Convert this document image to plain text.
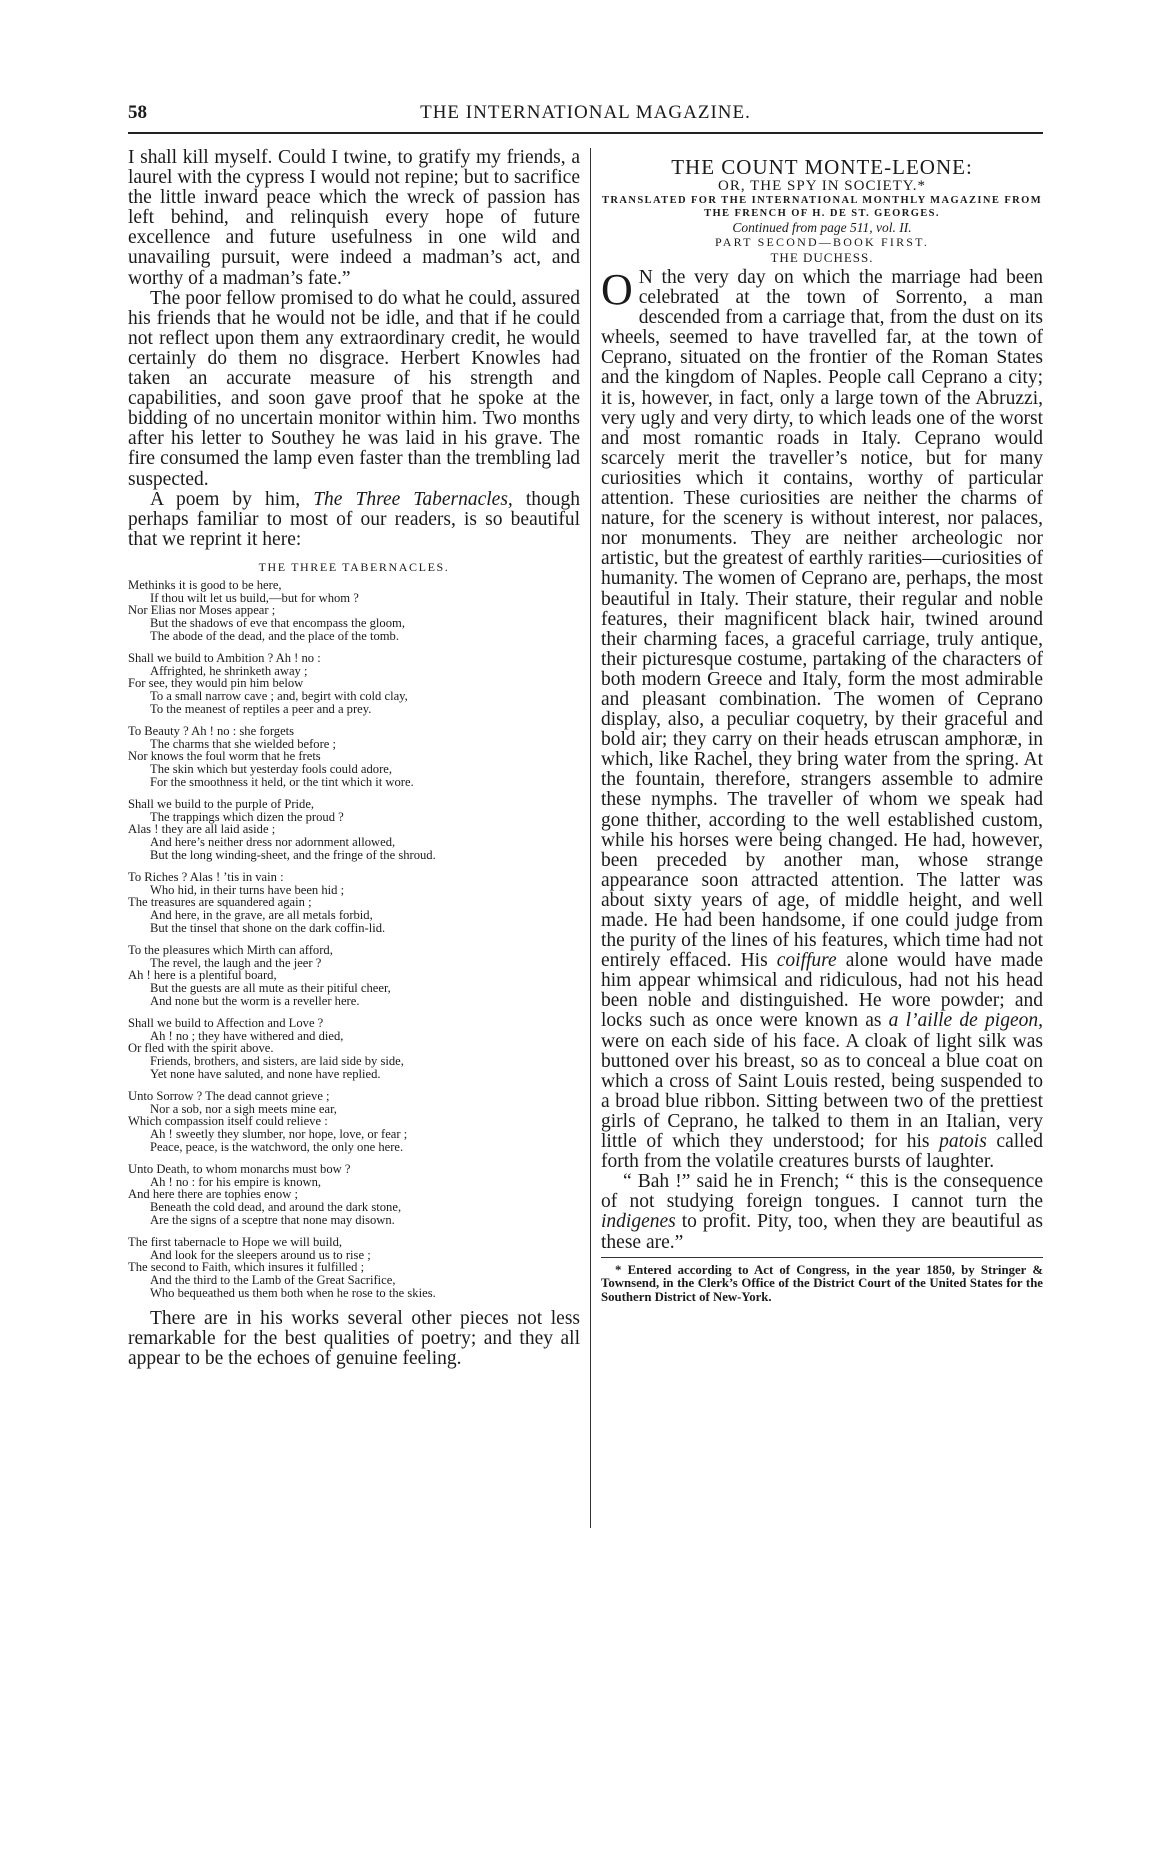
58	THE INTERNATIONAL MAGAZINE.

I shall kill myself. Could I twine, to gratify my friends, a laurel with the cypress I would not repine; but to sacrifice the little inward peace which the wreck of passion has left behind, and relinquish every hope of future excellence and future usefulness in one wild and unavailing pursuit, were indeed a madman’s act, and worthy of a madman’s fate.”

The poor fellow promised to do what he could, assured his friends that he would not be idle, and that if he could not reflect upon them any extraordinary credit, he would certainly do them no disgrace. Herbert Knowles had taken an accurate measure of his strength and capabilities, and soon gave proof that he spoke at the bidding of no uncertain monitor within him. Two months after his letter to Southey he was laid in his grave. The fire consumed the lamp even faster than the trembling lad suspected.

A poem by him, The Three Tabernacles, though perhaps familiar to most of our readers, is so beautiful that we reprint it here:

THE THREE TABERNACLES.
Methinks it is good to be here,
If thou wilt let us build,—but for whom ?
Nor Elias nor Moses appear ;
But the shadows of eve that encompass the gloom,
The abode of the dead, and the place of the tomb.
Shall we build to Ambition ? Ah ! no :
Affrighted, he shrinketh away ;
For see, they would pin him below
To a small narrow cave ; and, begirt with cold clay,
To the meanest of reptiles a peer and a prey.
To Beauty ? Ah ! no : she forgets
The charms that she wielded before ;
Nor knows the foul worm that he frets
The skin which but yesterday fools could adore,
For the smoothness it held, or the tint which it wore.
Shall we build to the purple of Pride,
The trappings which dizen the proud ?
Alas ! they are all laid aside ;
And here’s neither dress nor adornment allowed,
But the long winding-sheet, and the fringe of the shroud.
To Riches ? Alas ! ’tis in vain :
Who hid, in their turns have been hid ;
The treasures are squandered again ;
And here, in the grave, are all metals forbid,
But the tinsel that shone on the dark coffin-lid.
To the pleasures which Mirth can afford,
The revel, the laugh and the jeer ?
Ah ! here is a plentiful board,
But the guests are all mute as their pitiful cheer,
And none but the worm is a reveller here.
Shall we build to Affection and Love ?
Ah ! no ; they have withered and died,
Or fled with the spirit above.
Friends, brothers, and sisters, are laid side by side,
Yet none have saluted, and none have replied.
Unto Sorrow ? The dead cannot grieve ;
Nor a sob, nor a sigh meets mine ear,
Which compassion itself could relieve :
Ah ! sweetly they slumber, nor hope, love, or fear ;
Peace, peace, is the watchword, the only one here.
Unto Death, to whom monarchs must bow ?
Ah ! no : for his empire is known,
And here there are tophies enow ;
Beneath the cold dead, and around the dark stone,
Are the signs of a sceptre that none may disown.
The first tabernacle to Hope we will build,
And look for the sleepers around us to rise ;
The second to Faith, which insures it fulfilled ;
And the third to the Lamb of the Great Sacrifice,
Who bequeathed us them both when he rose to the skies.

There are in his works several other pieces not less remarkable for the best qualities of poetry; and they all appear to be the echoes of genuine feeling.

THE COUNT MONTE-LEONE:
OR, THE SPY IN SOCIETY.*
TRANSLATED FOR THE INTERNATIONAL MONTHLY MAGAZINE FROM THE FRENCH OF H. DE ST. GEORGES.
Continued from page 511, vol. II.
PART SECOND—BOOK FIRST.
THE DUCHESS.

O N the very day on which the marriage had been celebrated at the town of Sorrento, a man descended from a carriage that, from the dust on its wheels, seemed to have travelled far, at the town of Ceprano, situated on the frontier of the Roman States and the kingdom of Naples. People call Ceprano a city; it is, however, in fact, only a large town of the Abruzzi, very ugly and very dirty, to which leads one of the worst and most romantic roads in Italy. Ceprano would scarcely merit the traveller’s notice, but for many curiosities which it contains, worthy of particular attention. These curiosities are neither the charms of nature, for the scenery is without interest, nor palaces, nor monuments. They are neither archeologic nor artistic, but the greatest of earthly rarities—curiosities of humanity. The women of Ceprano are, perhaps, the most beautiful in Italy. Their stature, their regular and noble features, their magnificent black hair, twined around their charming faces, a graceful carriage, truly antique, their picturesque costume, partaking of the characters of both modern Greece and Italy, form the most admirable and pleasant combination. The women of Ceprano display, also, a peculiar coquetry, by their graceful and bold air; they carry on their heads etruscan amphoræ, in which, like Rachel, they bring water from the spring. At the fountain, therefore, strangers assemble to admire these nymphs. The traveller of whom we speak had gone thither, according to the well established custom, while his horses were being changed. He had, however, been preceded by another man, whose strange appearance soon attracted attention. The latter was about sixty years of age, of middle height, and well made. He had been handsome, if one could judge from the purity of the lines of his features, which time had not entirely effaced. His coiffure alone would have made him appear whimsical and ridiculous, had not his head been noble and distinguished. He wore powder; and locks such as once were known as a l’aille de pigeon, were on each side of his face. A cloak of light silk was buttoned over his breast, so as to conceal a blue coat on which a cross of Saint Louis rested, being suspended to a broad blue ribbon. Sitting between two of the prettiest girls of Ceprano, he talked to them in an Italian, very little of which they understood; for his patois called forth from the volatile creatures bursts of laughter.

“ Bah !” said he in French; “ this is the consequence of not studying foreign tongues. I cannot turn the indigenes to profit. Pity, too, when they are beautiful as these are.”

* Entered according to Act of Congress, in the year 1850, by Stringer & Townsend, in the Clerk’s Office of the District Court of the United States for the Southern District of New-York.
